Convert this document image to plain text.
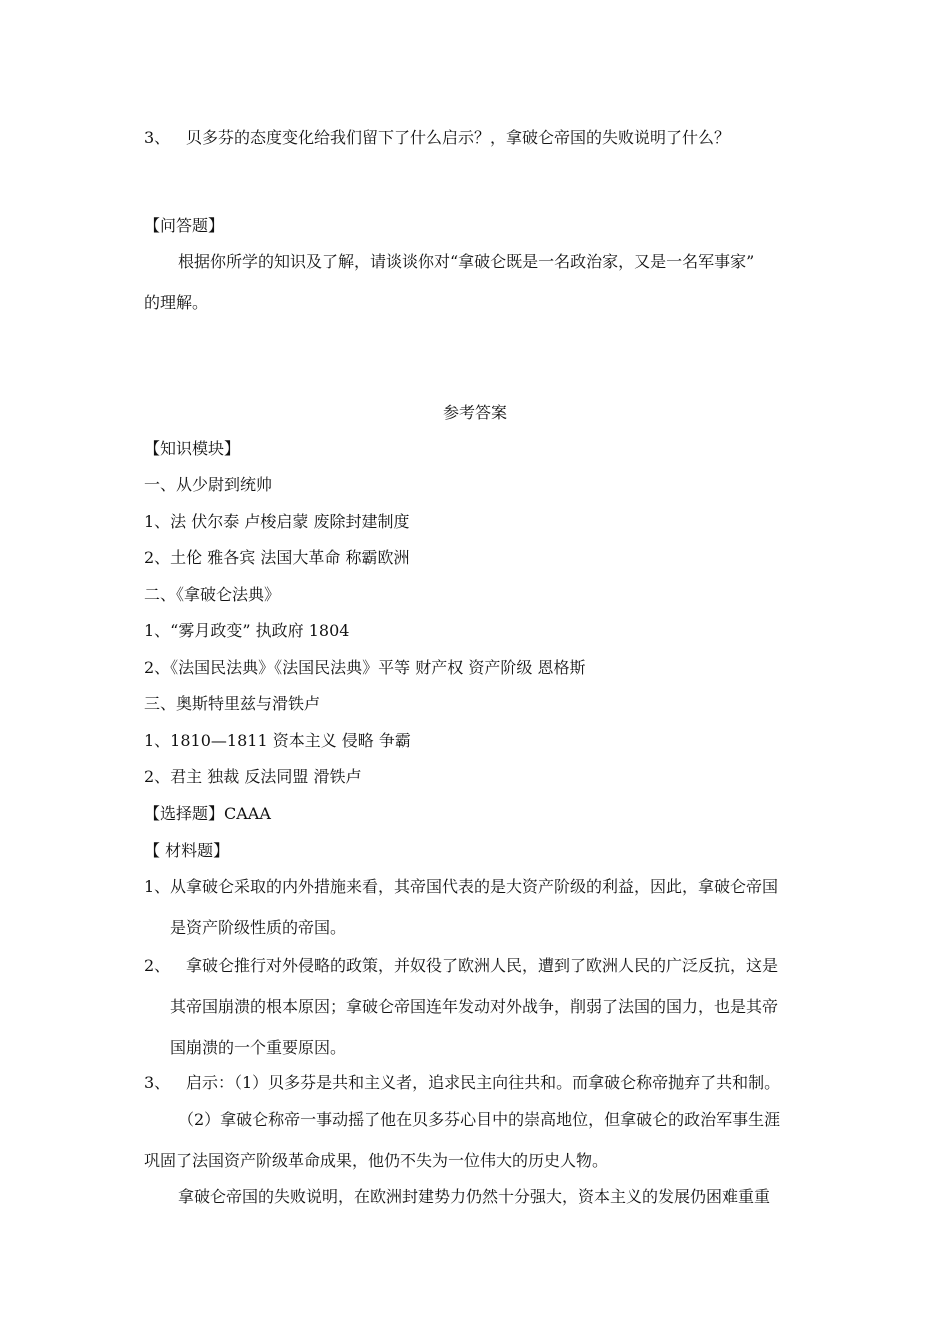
3、 贝多芬的态度变化给我们留下了什么启示？，拿破仑帝国的失败说明了什么？
【问答题】
根据你所学的知识及了解，请谈谈你对“拿破仑既是一名政治家，又是一名军事家”
的理解。
参考答案
【知识模块】
一、从少尉到统帅
1、法 伏尔泰 卢梭启蒙 废除封建制度
2、土伦 雅各宾 法国大革命 称霸欧洲
二、《拿破仑法典》
1、“雾月政变” 执政府 1804
2、《法国民法典》《法国民法典》平等 财产权 资产阶级 恩格斯
三、奥斯特里兹与滑铁卢
1、1810—1811 资本主义 侵略 争霸
2、君主 独裁 反法同盟 滑铁卢
【选择题】CAAA
【 材料题】
1、 从拿破仑采取的内外措施来看，其帝国代表的是大资产阶级的利益，因此，拿破仑帝国
是资产阶级性质的帝国。
2、 拿破仑推行对外侵略的政策，并奴役了欧洲人民，遭到了欧洲人民的广泛反抗，这是
其帝国崩溃的根本原因；拿破仑帝国连年发动对外战争，削弱了法国的国力，也是其帝
国崩溃的一个重要原因。
3、 启示：（1）贝多芬是共和主义者，追求民主向往共和。而拿破仑称帝抛弃了共和制。
（2）拿破仑称帝一事动摇了他在贝多芬心目中的崇高地位，但拿破仑的政治军事生涯
巩固了法国资产阶级革命成果，他仍不失为一位伟大的历史人物。
拿破仑帝国的失败说明，在欧洲封建势力仍然十分强大，资本主义的发展仍困难重重
